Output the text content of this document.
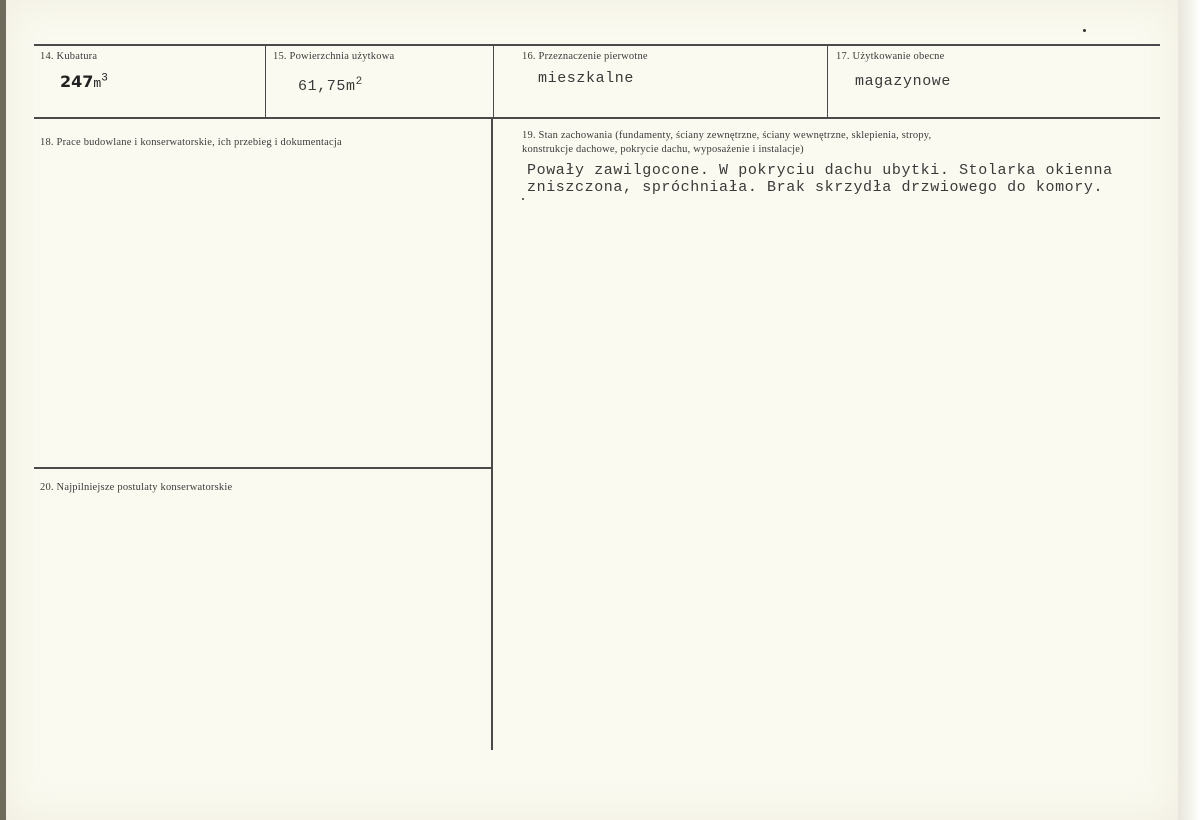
14. Kubatura
$247m^3$
15. Powierzchnia użytkowa
$61,75m^2$
16. Przeznaczenie pierwotne
mieszkalne
17. Użytkowanie obecne
magazynowe
18. Prace budowlane i konserwatorskie, ich przebieg i dokumentacja
19. Stan zachowania (fundamenty, ściany zewnętrzne, ściany wewnętrzne, sklepienia, stropy,
konstrukcje dachowe, pokrycie dachu, wyposażenie i instalacje)
Powały zawilgocone. W pokryciu dachu ubytki. Stolarka okienna
zniszczona, spróchniała. Brak skrzydła drzwiowego do komory.
20. Najpilniejsze postulaty konserwatorskie
